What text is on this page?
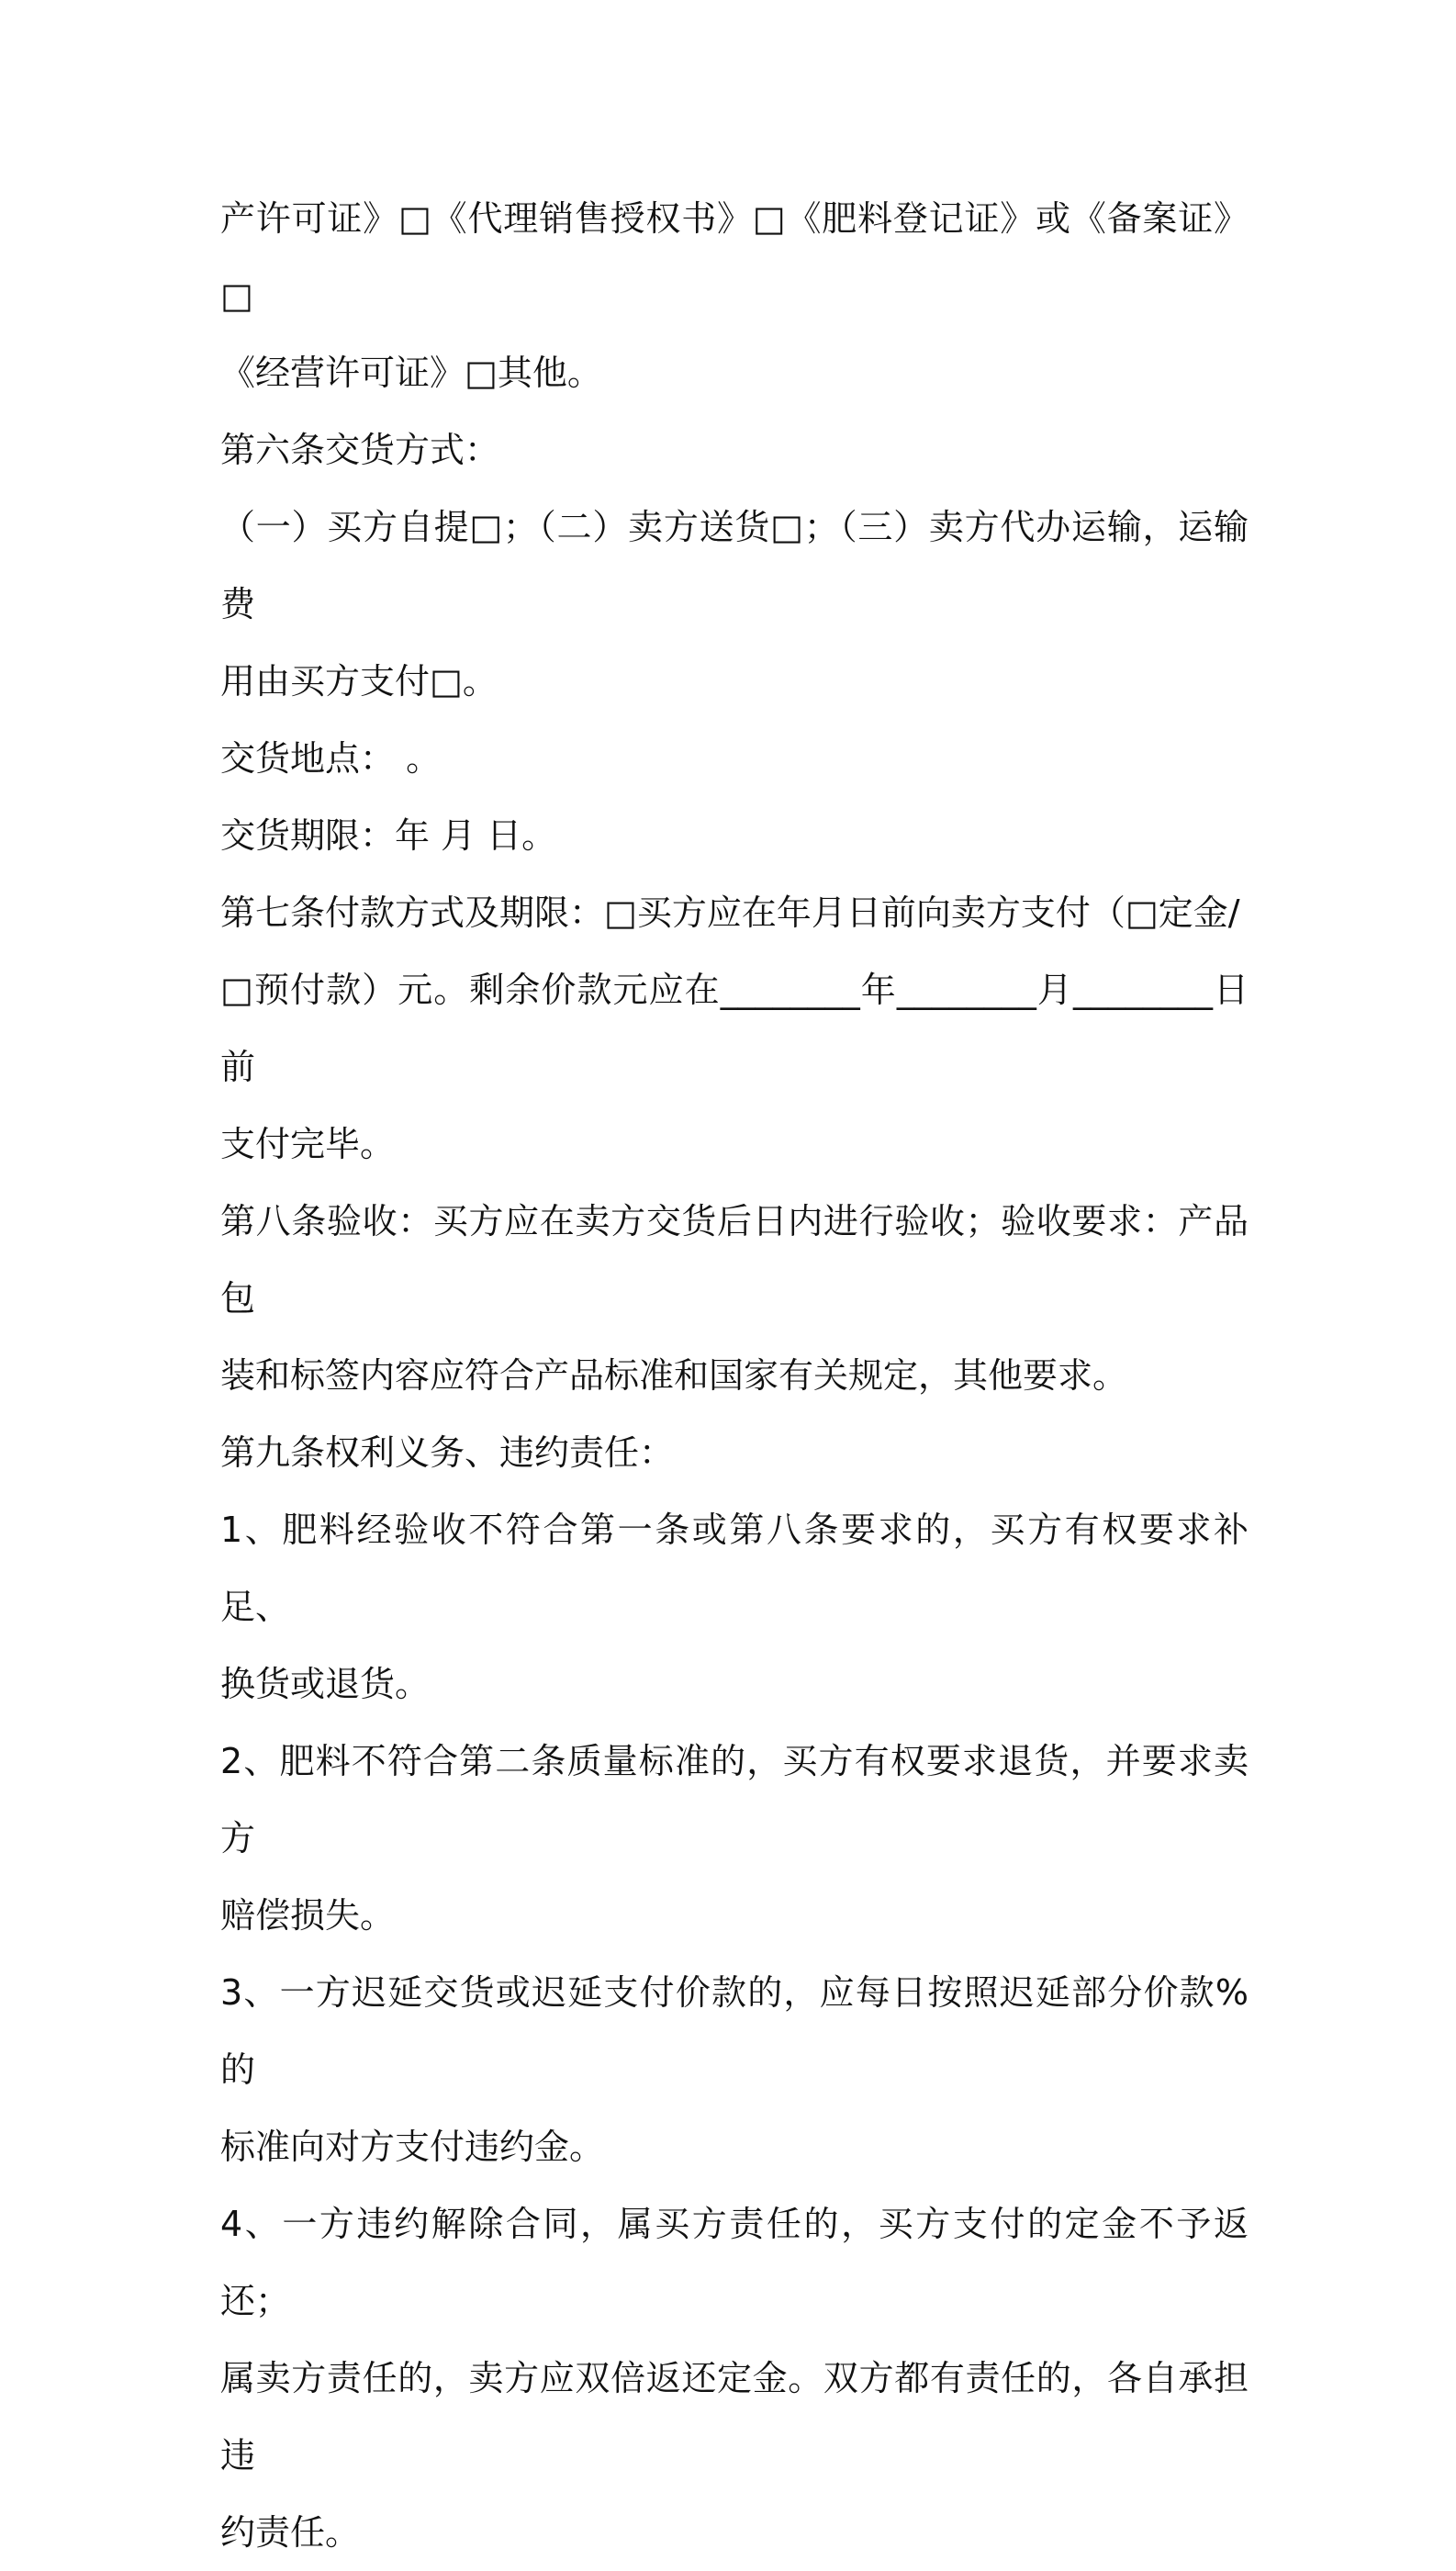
产许可证》□《代理销售授权书》□《肥料登记证》或《备案证》□

《经营许可证》□其他。

第六条交货方式：

（一）买方自提□；（二）卖方送货□；（三）卖方代办运输，运输费

用由买方支付□。

交货地点： 。

交货期限：年 月 日。

第七条付款方式及期限：□买方应在年月日前向卖方支付（□定金/

□预付款）元。剩余价款元应在________年________月________日前

支付完毕。

第八条验收：买方应在卖方交货后日内进行验收；验收要求：产品包

装和标签内容应符合产品标准和国家有关规定，其他要求。

第九条权利义务、违约责任：

1、肥料经验收不符合第一条或第八条要求的，买方有权要求补足、

换货或退货。

2、肥料不符合第二条质量标准的，买方有权要求退货，并要求卖方

赔偿损失。

3、一方迟延交货或迟延支付价款的，应每日按照迟延部分价款%的

标准向对方支付违约金。

4、一方违约解除合同，属买方责任的，买方支付的定金不予返还；

属卖方责任的，卖方应双倍返还定金。双方都有责任的，各自承担违

约责任。
